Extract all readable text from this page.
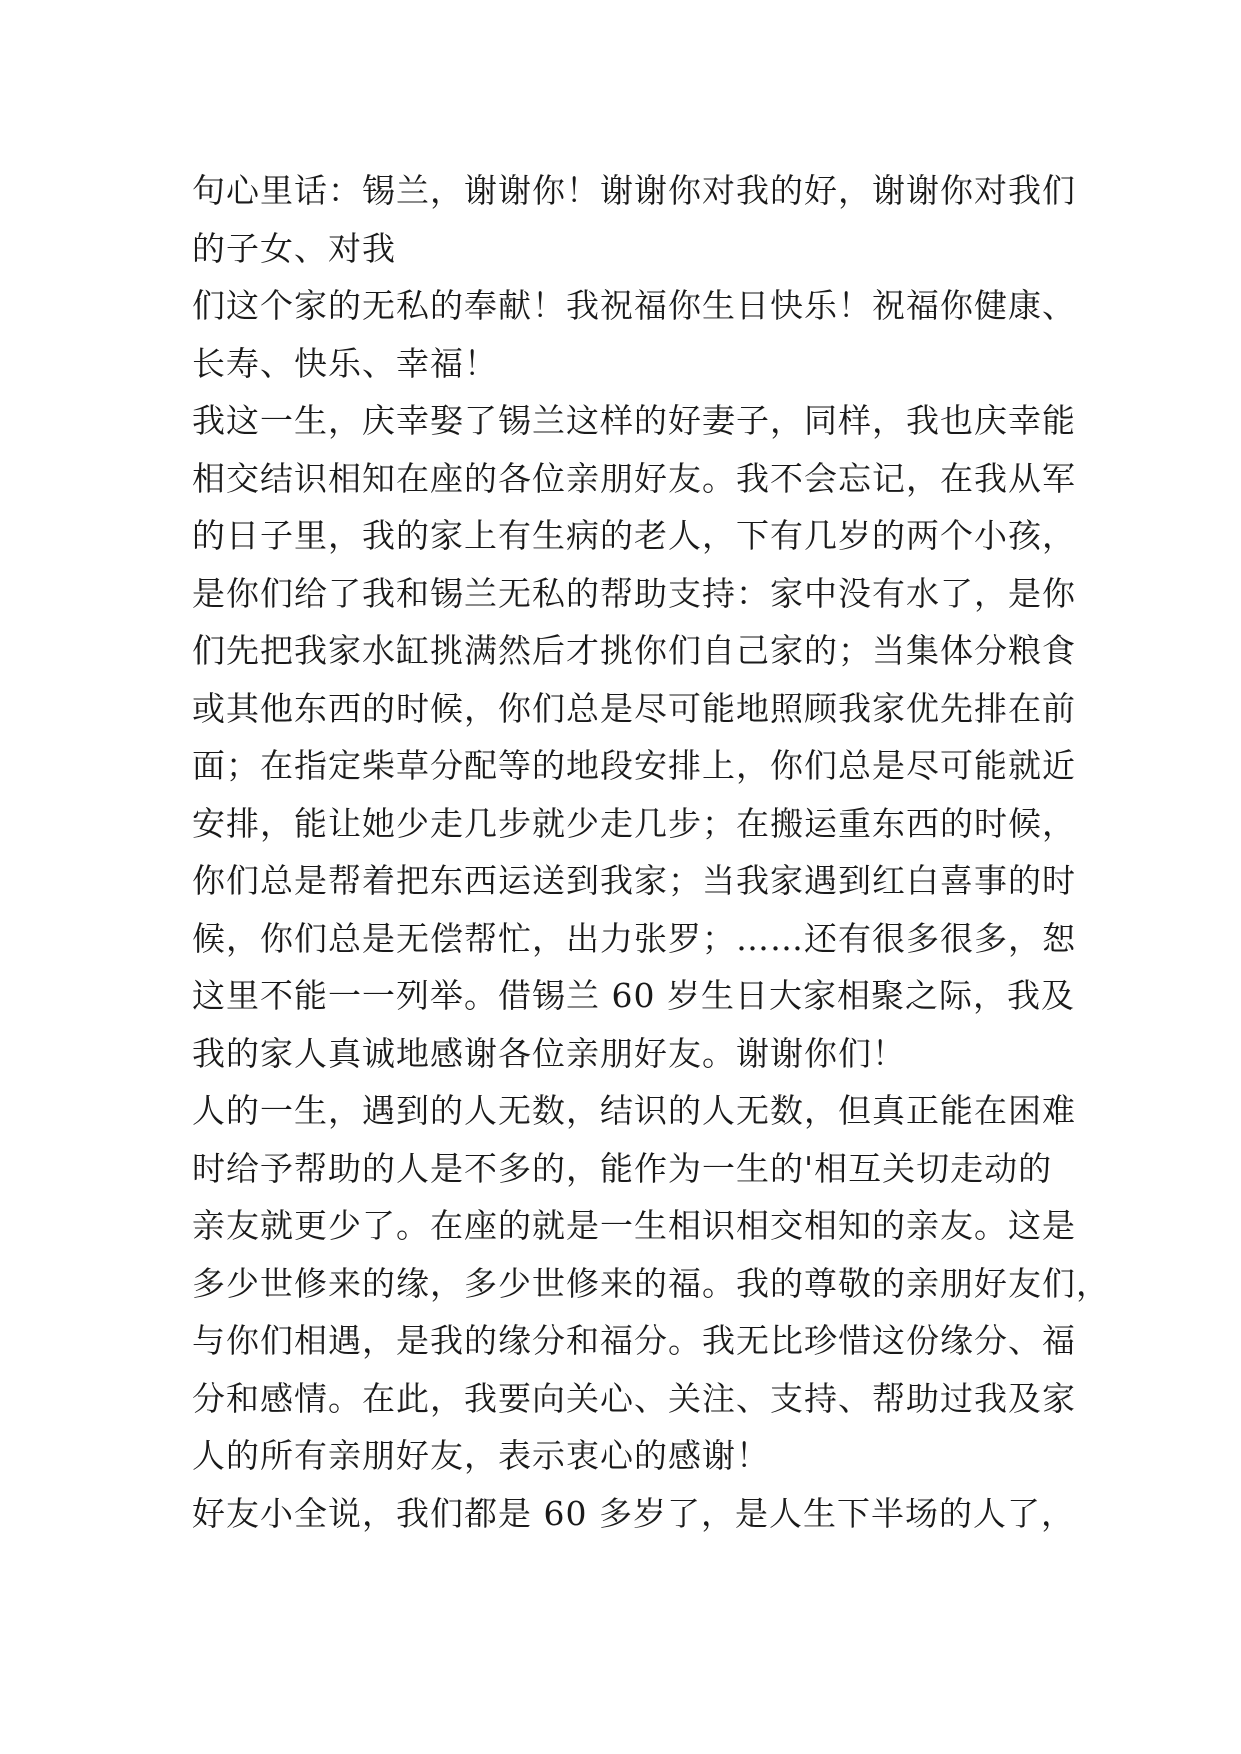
句心里话：锡兰，谢谢你！谢谢你对我的好，谢谢你对我们
的子女、对我
们这个家的无私的奉献！我祝福你生日快乐！祝福你健康、
长寿、快乐、幸福！
我这一生，庆幸娶了锡兰这样的好妻子，同样，我也庆幸能
相交结识相知在座的各位亲朋好友。我不会忘记，在我从军
的日子里，我的家上有生病的老人，下有几岁的两个小孩，
是你们给了我和锡兰无私的帮助支持：家中没有水了，是你
们先把我家水缸挑满然后才挑你们自己家的；当集体分粮食
或其他东西的时候，你们总是尽可能地照顾我家优先排在前
面；在指定柴草分配等的地段安排上，你们总是尽可能就近
安排，能让她少走几步就少走几步；在搬运重东西的时候，
你们总是帮着把东西运送到我家；当我家遇到红白喜事的时
候，你们总是无偿帮忙，出力张罗；……还有很多很多，恕
这里不能一一列举。借锡兰 60 岁生日大家相聚之际，我及
我的家人真诚地感谢各位亲朋好友。谢谢你们！
人的一生，遇到的人无数，结识的人无数，但真正能在困难
时给予帮助的人是不多的，能作为一生的'相互关切走动的
亲友就更少了。在座的就是一生相识相交相知的亲友。这是
多少世修来的缘，多少世修来的福。我的尊敬的亲朋好友们，
与你们相遇，是我的缘分和福分。我无比珍惜这份缘分、福
分和感情。在此，我要向关心、关注、支持、帮助过我及家
人的所有亲朋好友，表示衷心的感谢！
好友小全说，我们都是 60 多岁了，是人生下半场的人了，
